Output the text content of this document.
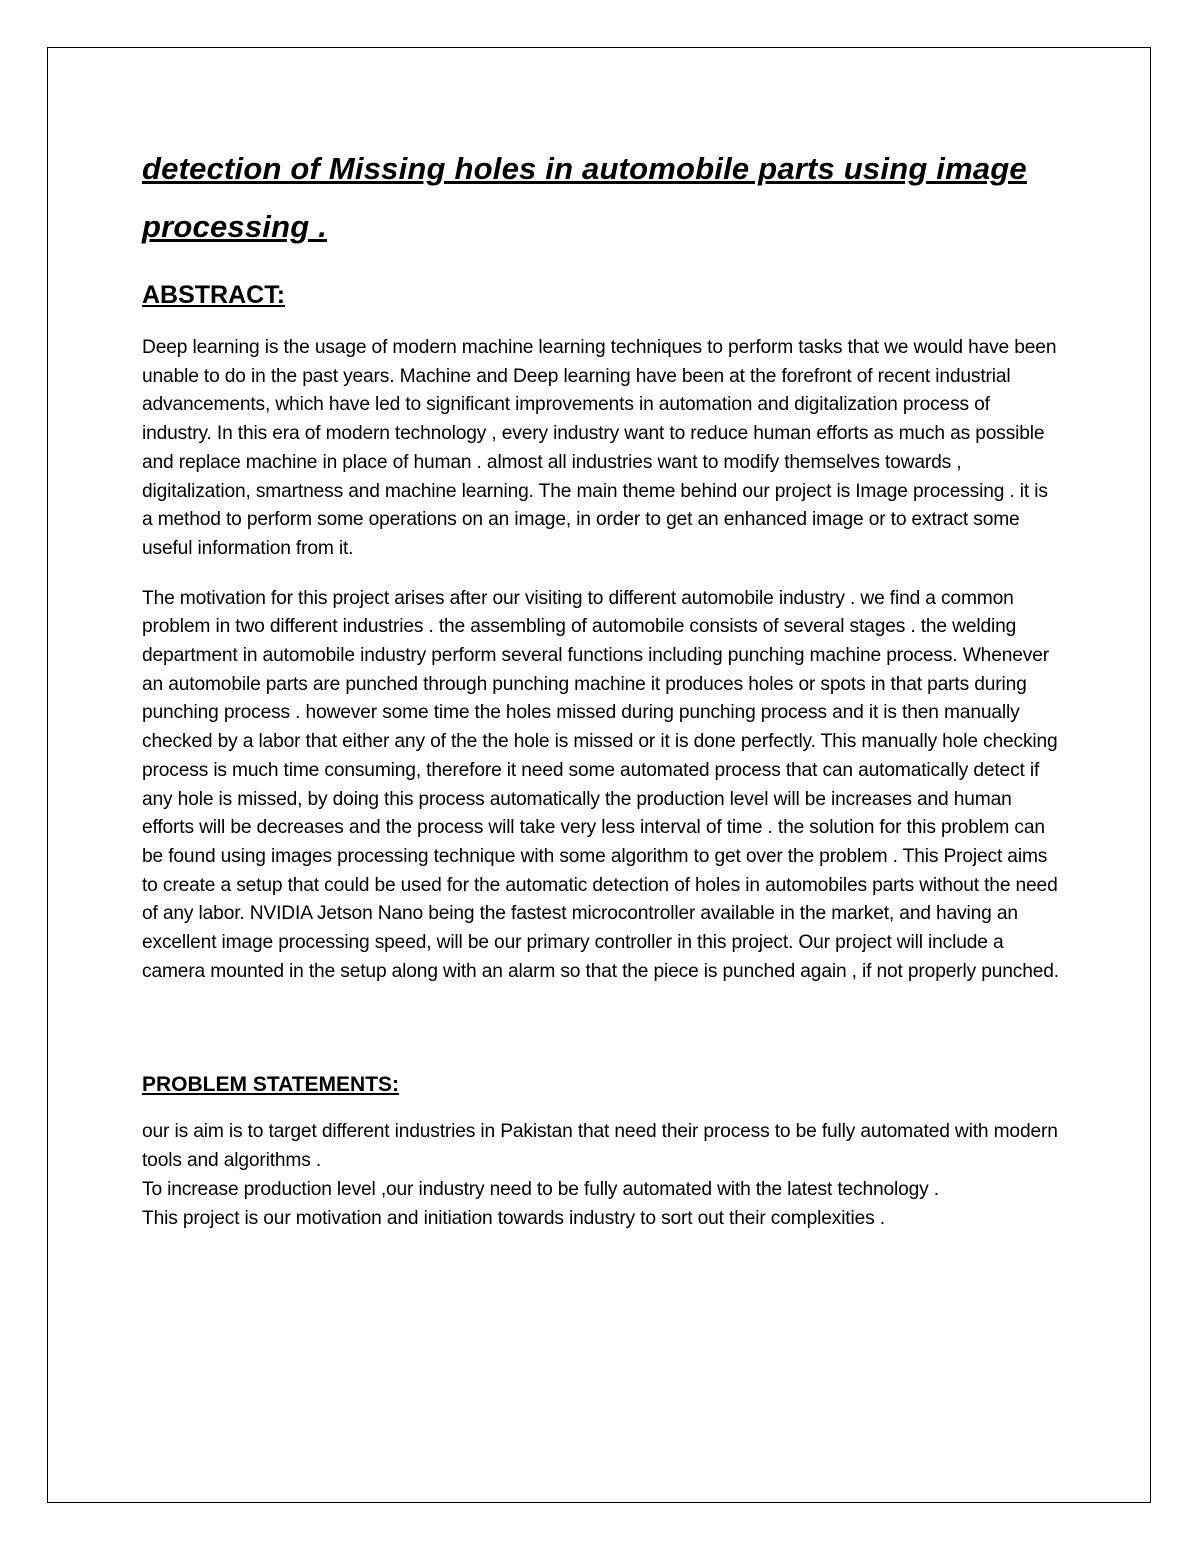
detection of Missing holes in automobile parts using image processing .
ABSTRACT:

Deep learning is the usage of modern machine learning techniques to perform tasks that we would have been unable to do in the past years. Machine and Deep learning have been at the forefront of recent industrial advancements, which have led to significant improvements in automation and digitalization process of industry. In this era of modern technology , every industry want to reduce human efforts as much as possible and replace machine in place of human . almost all industries want to modify themselves towards , digitalization, smartness and machine learning. The main theme behind our project is Image processing . it is a method to perform some operations on an image, in order to get an enhanced image or to extract some useful information from it.

The motivation for this project arises after our visiting to different automobile industry . we find a common problem in two different industries . the assembling of automobile consists of several stages . the welding department in automobile industry perform several functions including punching machine process. Whenever an automobile parts are punched through punching machine it produces holes or spots in that parts during punching process . however some time the holes missed during punching process and it is then manually checked by a labor that either any of the the hole is missed or it is done perfectly. This manually hole checking process is much time consuming, therefore it need some automated process that can automatically detect if any hole is missed, by doing this process automatically the production level will be increases and human efforts will be decreases and the process will take very less interval of time . the solution for this problem can be found using images processing technique with some algorithm to get over the problem . This Project aims to create a setup that could be used for the automatic detection of holes in automobiles parts without the need of any labor. NVIDIA Jetson Nano being the fastest microcontroller available in the market, and having an excellent image processing speed, will be our primary controller in this project. Our project will include a camera mounted in the setup along with an alarm so that the piece is punched again , if not properly punched.

PROBLEM STATEMENTS:

our is aim is to target different industries in Pakistan that need their process to be fully automated with modern tools and algorithms .

To increase production level ,our industry need to be fully automated with the latest technology .

This project is our motivation and initiation towards industry to sort out their complexities .
